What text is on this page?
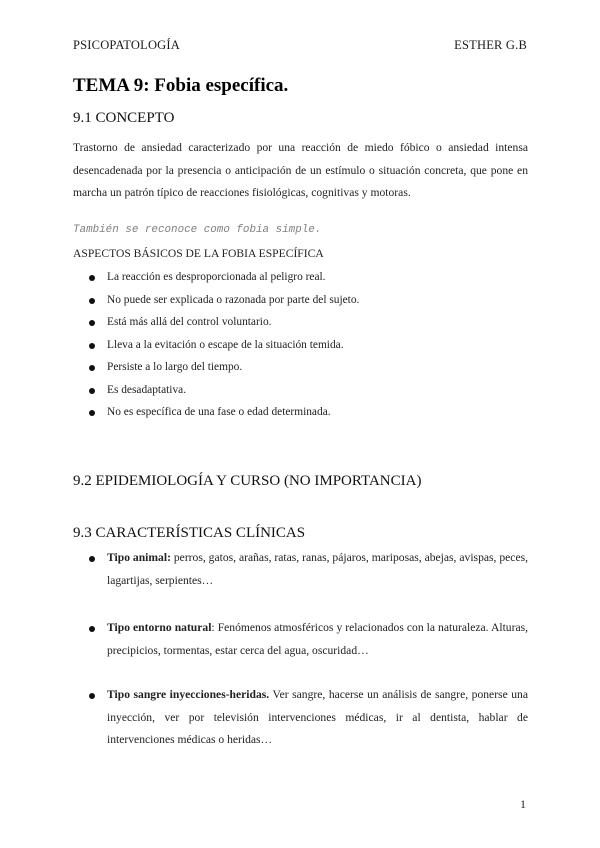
PSICOPATOLOGÍA	ESTHER G.B
TEMA 9: Fobia específica.
9.1 CONCEPTO

Trastorno de ansiedad caracterizado por una reacción de miedo fóbico o ansiedad intensa desencadenada por la presencia o anticipación de un estímulo o situación concreta, que pone en marcha un patrón típico de reacciones fisiológicas, cognitivas y motoras.

También se reconoce como fobia simple.

ASPECTOS BÁSICOS DE LA FOBIA ESPECÍFICA

La reacción es desproporcionada al peligro real.
No puede ser explicada o razonada por parte del sujeto.
Está más allá del control voluntario.
Lleva a la evitación o escape de la situación temida.
Persiste a lo largo del tiempo.
Es desadaptativa.
No es específica de una fase o edad determinada.
9.2 EPIDEMIOLOGÍA Y CURSO (NO IMPORTANCIA)
9.3 CARACTERÍSTICAS CLÍNICAS
Tipo animal: perros, gatos, arañas, ratas, ranas, pájaros, mariposas, abejas, avispas, peces, lagartijas, serpientes…
Tipo entorno natural: Fenómenos atmosféricos y relacionados con la naturaleza. Alturas, precipicios, tormentas, estar cerca del agua, oscuridad…
Tipo sangre inyecciones-heridas. Ver sangre, hacerse un análisis de sangre, ponerse una inyección, ver por televisión intervenciones médicas, ir al dentista, hablar de intervenciones médicas o heridas…
1
